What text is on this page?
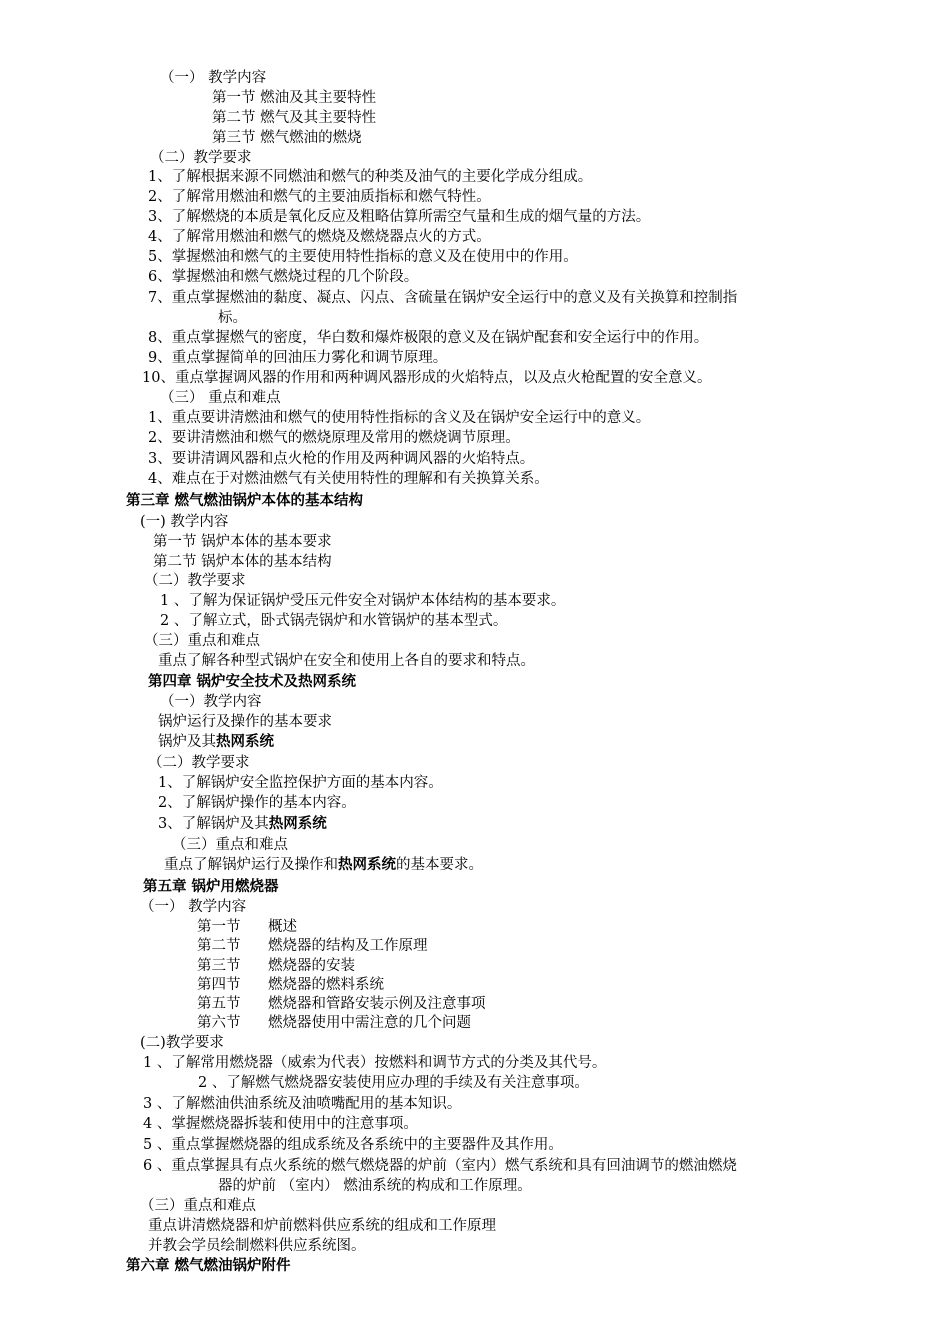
（一） 教学内容
第一节 燃油及其主要特性
第二节 燃气及其主要特性
第三节 燃气燃油的燃烧
（二）教学要求
1、了解根据来源不同燃油和燃气的种类及油气的主要化学成分组成。
2、了解常用燃油和燃气的主要油质指标和燃气特性。
3、了解燃烧的本质是氧化反应及粗略估算所需空气量和生成的烟气量的方法。
4、了解常用燃油和燃气的燃烧及燃烧器点火的方式。
5、掌握燃油和燃气的主要使用特性指标的意义及在使用中的作用。
6、掌握燃油和燃气燃烧过程的几个阶段。
7、重点掌握燃油的黏度、凝点、闪点、含硫量在锅炉安全运行中的意义及有关换算和控制指
标。
8、重点掌握燃气的密度，华白数和爆炸极限的意义及在锅炉配套和安全运行中的作用。
9、重点掌握简单的回油压力雾化和调节原理。
10、重点掌握调风器的作用和两种调风器形成的火焰特点，以及点火枪配置的安全意义。
（三） 重点和难点
1、重点要讲清燃油和燃气的使用特性指标的含义及在锅炉安全运行中的意义。
2、要讲清燃油和燃气的燃烧原理及常用的燃烧调节原理。
3、要讲清调风器和点火枪的作用及两种调风器的火焰特点。
4、难点在于对燃油燃气有关使用特性的理解和有关换算关系。
第三章 燃气燃油锅炉本体的基本结构
(一) 教学内容
第一节 锅炉本体的基本要求
第二节 锅炉本体的基本结构
（二）教学要求
1 、了解为保证锅炉受压元件安全对锅炉本体结构的基本要求。
2 、了解立式，卧式锅壳锅炉和水管锅炉的基本型式。
（三）重点和难点
重点了解各种型式锅炉在安全和使用上各自的要求和特点。
第四章 锅炉安全技术及热网系统
（一）教学内容
锅炉运行及操作的基本要求
锅炉及其热网系统
（二）教学要求
1、了解锅炉安全监控保护方面的基本内容。
2、了解锅炉操作的基本内容。
3、了解锅炉及其热网系统
（三）重点和难点
重点了解锅炉运行及操作和热网系统的基本要求。
第五章 锅炉用燃烧器
（一） 教学内容
第一节 概述
第二节 燃烧器的结构及工作原理
第三节 燃烧器的安装
第四节 燃烧器的燃料系统
第五节 燃烧器和管路安装示例及注意事项
第六节 燃烧器使用中需注意的几个问题
(二)教学要求
1 、了解常用燃烧器（威索为代表）按燃料和调节方式的分类及其代号。
2 、了解燃气燃烧器安装使用应办理的手续及有关注意事项。
3 、了解燃油供油系统及油喷嘴配用的基本知识。
4 、掌握燃烧器拆装和使用中的注意事项。
5 、重点掌握燃烧器的组成系统及各系统中的主要器件及其作用。
6 、重点掌握具有点火系统的燃气燃烧器的炉前（室内）燃气系统和具有回油调节的燃油燃烧
器的炉前 （室内） 燃油系统的构成和工作原理。
（三）重点和难点
重点讲清燃烧器和炉前燃料供应系统的组成和工作原理
并教会学员绘制燃料供应系统图。
第六章 燃气燃油锅炉附件
